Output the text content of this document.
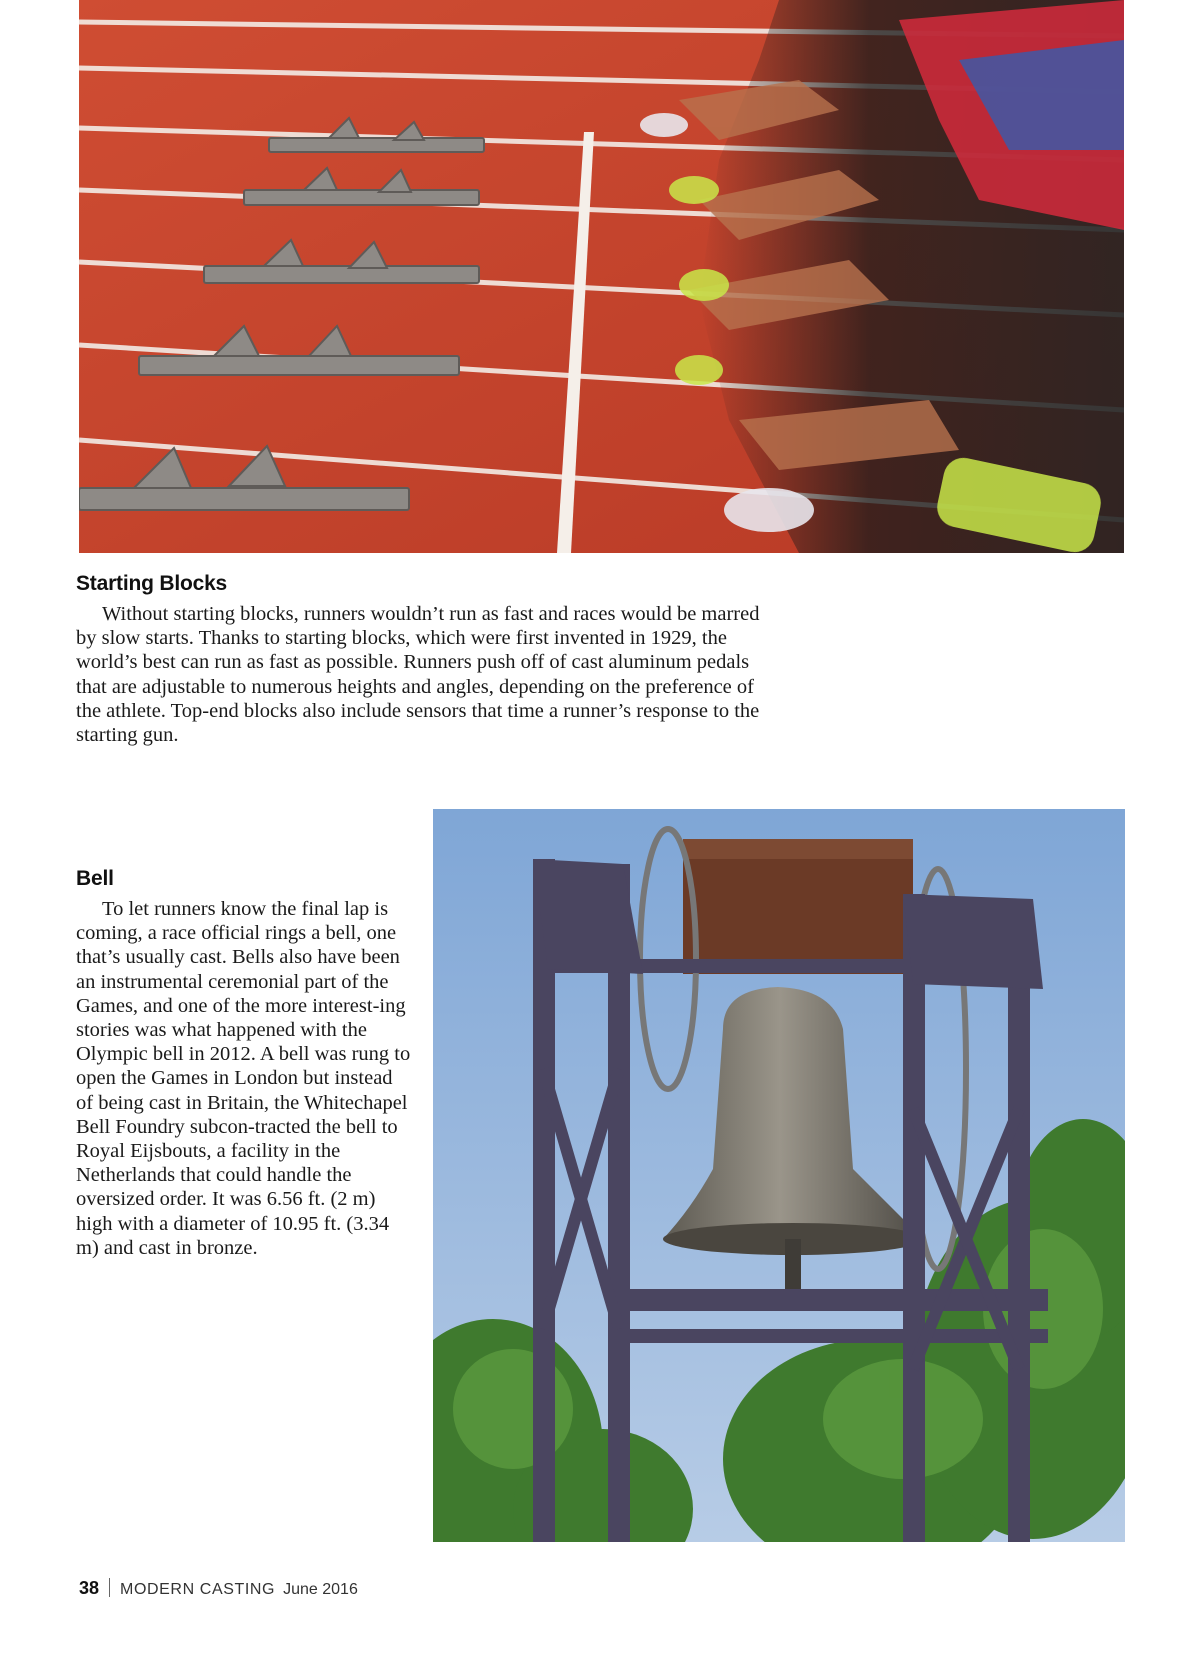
Starting Blocks

Without starting blocks, runners wouldn’t run as fast and races would be marred by slow starts. Thanks to starting blocks, which were first invented in 1929, the world’s best can run as fast as possible. Runners push off of cast aluminum pedals that are adjustable to numerous heights and angles, depending on the preference of the athlete. Top-end blocks also include sensors that time a runner’s response to the starting gun.

Bell

To let runners know the final lap is coming, a race official rings a bell, one that’s usually cast. Bells also have been an instrumental ceremonial part of the Games, and one of the more interest-ing stories was what happened with the Olympic bell in 2012. A bell was rung to open the Games in London but instead of being cast in Britain, the Whitechapel Bell Foundry subcon-tracted the bell to Royal Eijsbouts, a facility in the Netherlands that could handle the oversized order. It was 6.56 ft. (2 m) high with a diameter of 10.95 ft. (3.34 m) and cast in bronze.

38 MODERN CASTING June 2016
